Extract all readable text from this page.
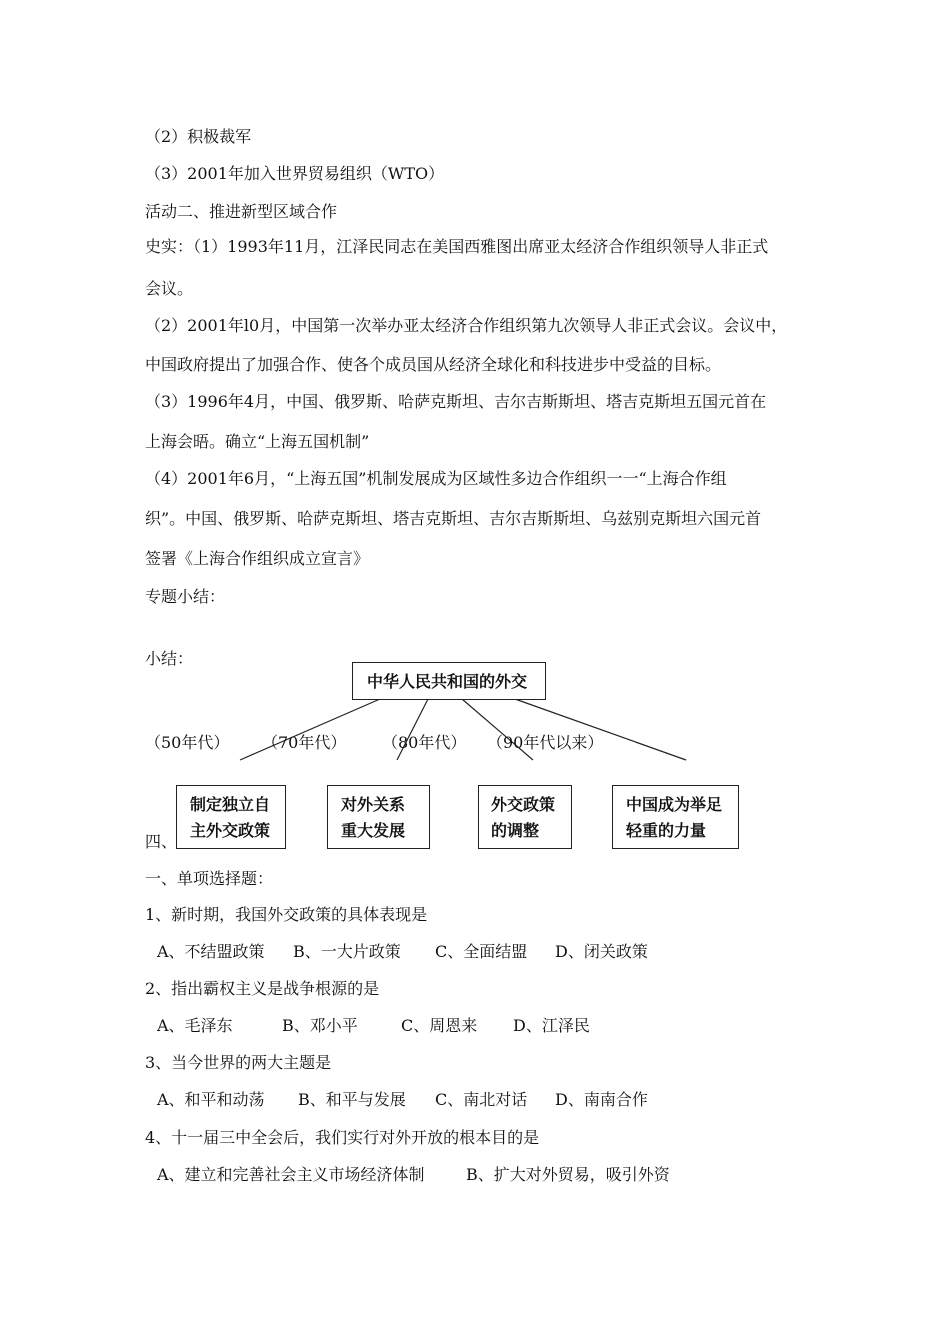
（2）积极裁军
（3）2001年加入世界贸易组织（WTO）
活动二、推进新型区域合作
史实：（1）1993年11月，江泽民同志在美国西雅图出席亚太经济合作组织领导人非正式
会议。
（2）2001年l0月，中国第一次举办亚太经济合作组织第九次领导人非正式会议。会议中，
中国政府提出了加强合作、使各个成员国从经济全球化和科技进步中受益的目标。
（3）1996年4月，中国、俄罗斯、哈萨克斯坦、吉尔吉斯斯坦、塔吉克斯坦五国元首在
上海会晤。确立“上海五国机制”
（4）2001年6月，“上海五国”机制发展成为区域性多边合作组织一一“上海合作组
织”。中国、俄罗斯、哈萨克斯坦、塔吉克斯坦、吉尔吉斯斯坦、乌兹别克斯坦六国元首
签署《上海合作组织成立宣言》
专题小结：
小结：
中华人民共和国的外交
（50年代） （70年代） （80年代） （90年代以来）
制定独立自
主外交政策
对外关系
重大发展
外交政策
的调整
中国成为举足
轻重的力量
四、
一、单项选择题：
1、新时期，我国外交政策的具体表现是
A、不结盟政策 B、一大片政策 C、全面结盟 D、闭关政策
2、指出霸权主义是战争根源的是
A、毛泽东	B、邓小平	C、周恩来 D、江泽民
3、当今世界的两大主题是
A、和平和动荡 B、和平与发展 C、南北对话 D、南南合作
4、十一届三中全会后，我们实行对外开放的根本目的是
A、建立和完善社会主义市场经济体制	B、扩大对外贸易，吸引外资
